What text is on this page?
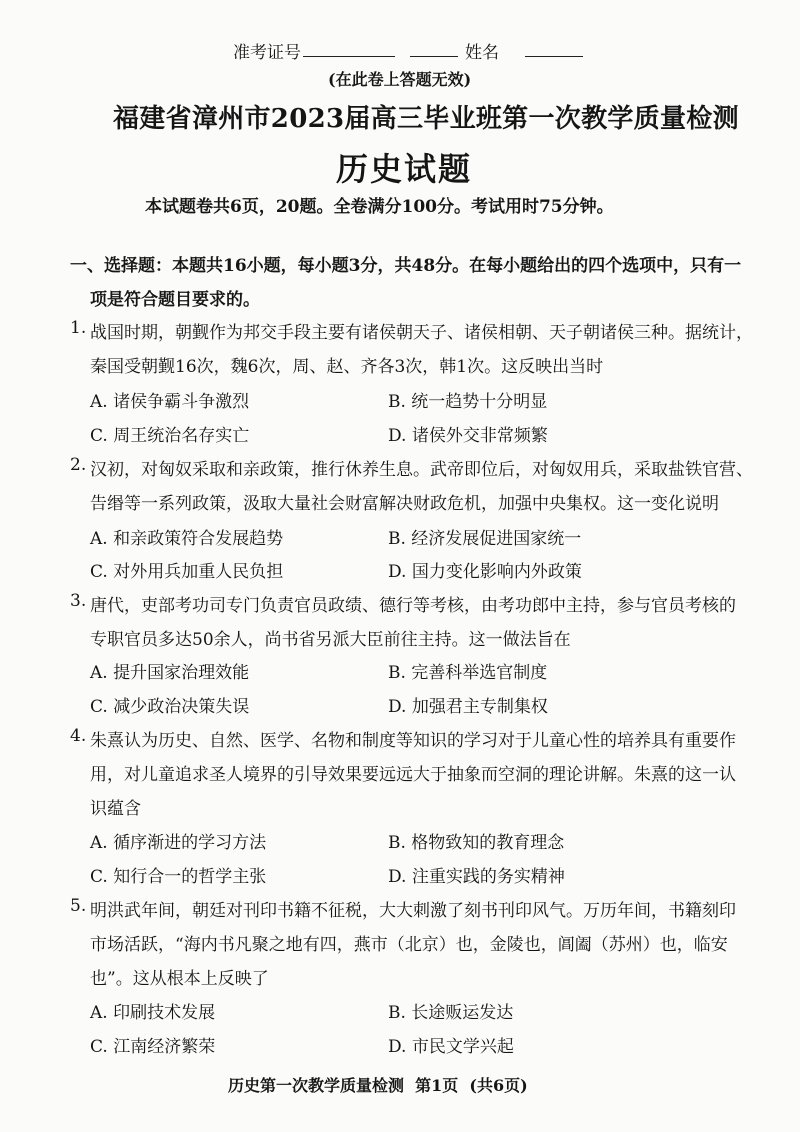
准考证号	姓名
(在此卷上答题无效)
福建省漳州市2023届高三毕业班第一次教学质量检测
历史试题
本试题卷共6页，20题。全卷满分100分。考试用时75分钟。
一、选择题：本题共16小题，每小题3分，共48分。在每小题给出的四个选项中，只有一
项是符合题目要求的。
1. 战国时期，朝觐作为邦交手段主要有诸侯朝天子、诸侯相朝、天子朝诸侯三种。据统计，
秦国受朝觐16次，魏6次，周、赵、齐各3次，韩1次。这反映出当时
A. 诸侯争霸斗争激烈	B. 统一趋势十分明显
C. 周王统治名存实亡	D. 诸侯外交非常频繁
2. 汉初，对匈奴采取和亲政策，推行休养生息。武帝即位后，对匈奴用兵，采取盐铁官营、
告缗等一系列政策，汲取大量社会财富解决财政危机，加强中央集权。这一变化说明
A. 和亲政策符合发展趋势	B. 经济发展促进国家统一
C. 对外用兵加重人民负担	D. 国力变化影响内外政策
3. 唐代，吏部考功司专门负责官员政绩、德行等考核，由考功郎中主持，参与官员考核的
专职官员多达50余人，尚书省另派大臣前往主持。这一做法旨在
A. 提升国家治理效能	B. 完善科举选官制度
C. 减少政治决策失误	D. 加强君主专制集权
4. 朱熹认为历史、自然、医学、名物和制度等知识的学习对于儿童心性的培养具有重要作
用，对儿童追求圣人境界的引导效果要远远大于抽象而空洞的理论讲解。朱熹的这一认
识蕴含
A. 循序渐进的学习方法	B. 格物致知的教育理念
C. 知行合一的哲学主张	D. 注重实践的务实精神
5. 明洪武年间，朝廷对刊印书籍不征税，大大刺激了刻书刊印风气。万历年间，书籍刻印
市场活跃，“海内书凡聚之地有四，燕市（北京）也，金陵也，阊阖（苏州）也，临安
也”。这从根本上反映了
A. 印刷技术发展	B. 长途贩运发达
C. 江南经济繁荣	D. 市民文学兴起
历史第一次教学质量检测  第1页  (共6页)
